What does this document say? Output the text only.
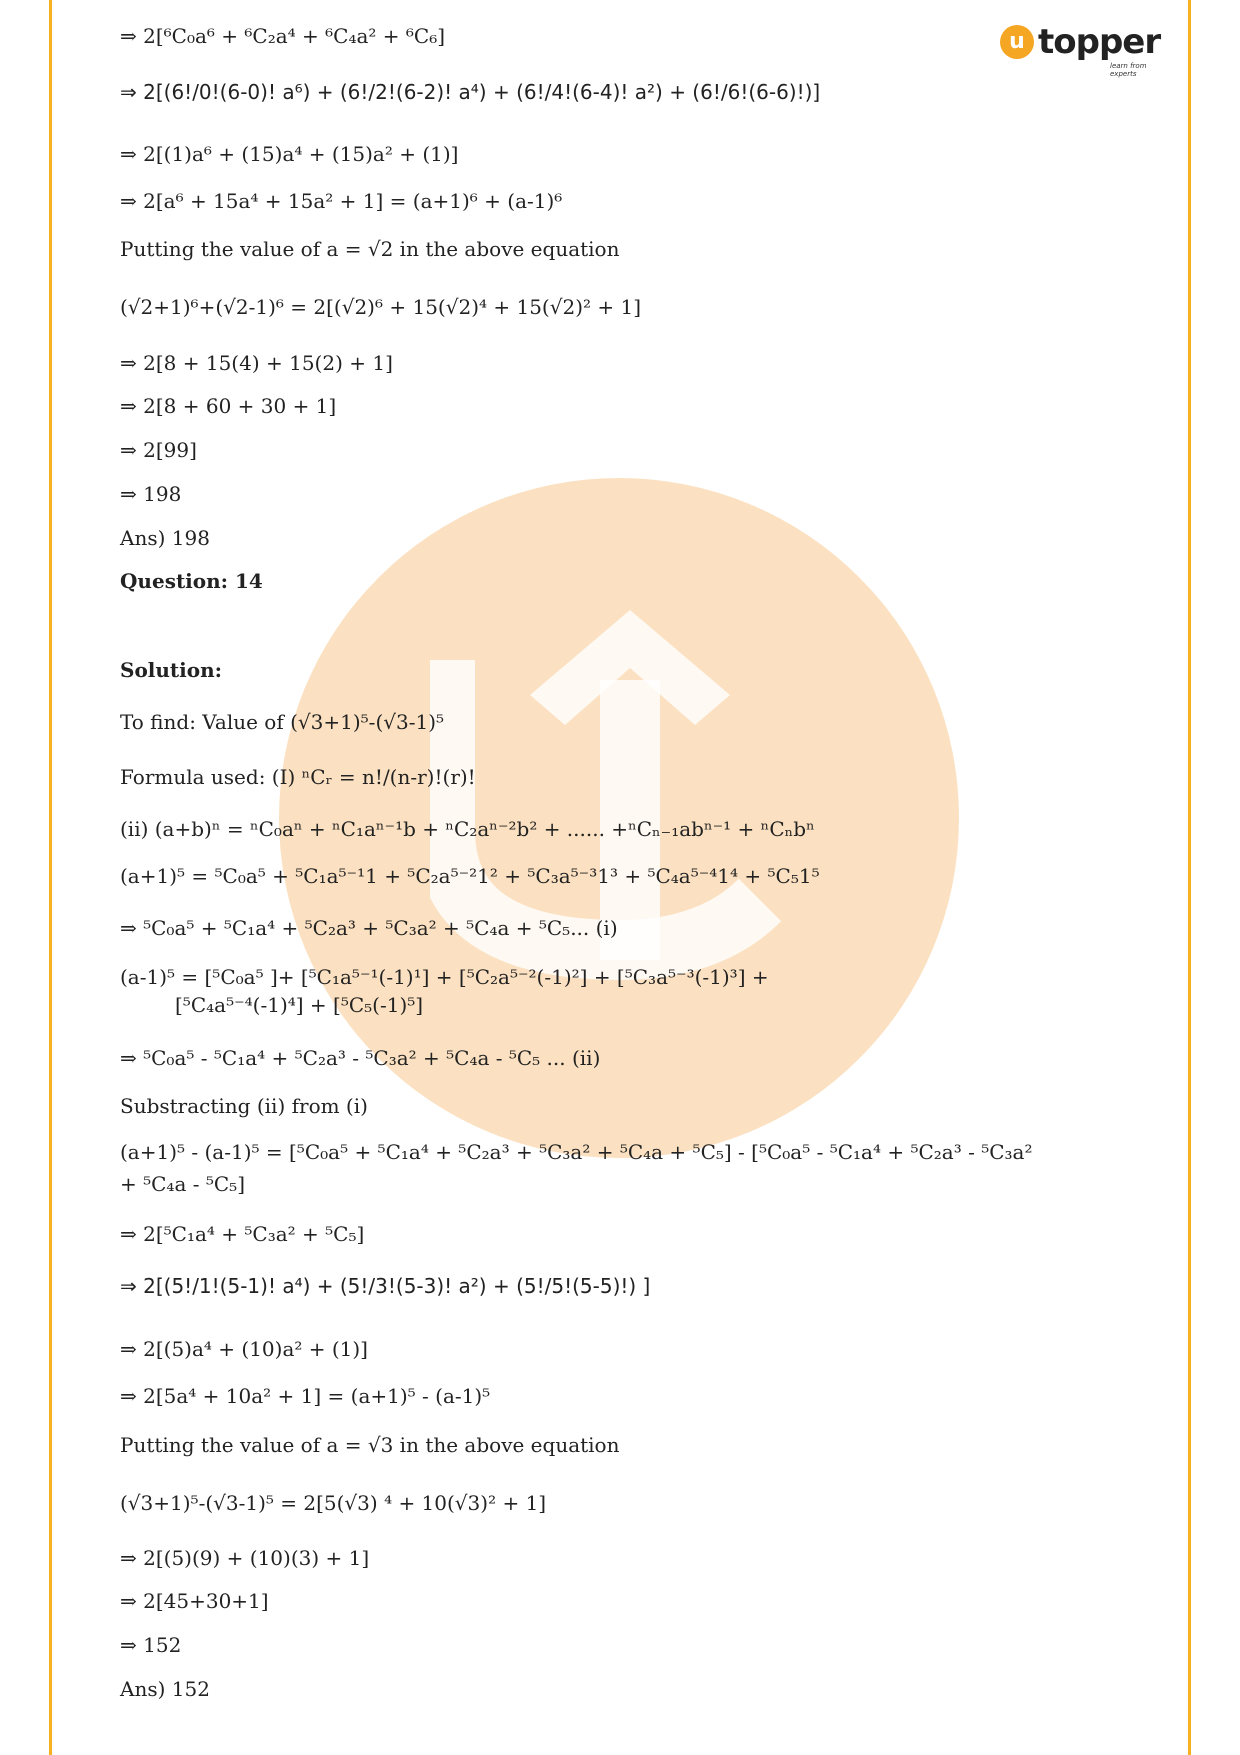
u topper
learn from experts
⇒ 2[⁶C₀a⁶ + ⁶C₂a⁴ + ⁶C₄a² + ⁶C₆]
⇒ 2[(6!/0!(6-0)! a⁶) + (6!/2!(6-2)! a⁴) + (6!/4!(6-4)! a²) + (6!/6!(6-6)!)]
⇒ 2[(1)a⁶ + (15)a⁴ + (15)a² + (1)]
⇒ 2[a⁶ + 15a⁴ + 15a² + 1] = (a+1)⁶ + (a-1)⁶
Putting the value of a = √2 in the above equation
(√2+1)⁶+(√2-1)⁶ = 2[(√2)⁶ + 15(√2)⁴ + 15(√2)² + 1]
⇒ 2[8 + 15(4) + 15(2) + 1]
⇒ 2[8 + 60 + 30 + 1]
⇒ 2[99]
⇒ 198
Ans) 198
Question: 14
Solution:
To find: Value of (√3+1)⁵-(√3-1)⁵
Formula used: (I) ⁿCᵣ = n!/(n-r)!(r)!
(ii) (a+b)ⁿ = ⁿC₀aⁿ + ⁿC₁aⁿ⁻¹b + ⁿC₂aⁿ⁻²b² + ...... +ⁿCₙ₋₁abⁿ⁻¹ + ⁿCₙbⁿ
(a+1)⁵ = ⁵C₀a⁵ + ⁵C₁a⁵⁻¹1 + ⁵C₂a⁵⁻²1² + ⁵C₃a⁵⁻³1³ + ⁵C₄a⁵⁻⁴1⁴ + ⁵C₅1⁵
⇒ ⁵C₀a⁵ + ⁵C₁a⁴ + ⁵C₂a³ + ⁵C₃a² + ⁵C₄a + ⁵C₅... (i)
(a-1)⁵ = [⁵C₀a⁵ ]+ [⁵C₁a⁵⁻¹(-1)¹] + [⁵C₂a⁵⁻²(-1)²] + [⁵C₃a⁵⁻³(-1)³] +
[⁵C₄a⁵⁻⁴(-1)⁴] + [⁵C₅(-1)⁵]
⇒ ⁵C₀a⁵ - ⁵C₁a⁴ + ⁵C₂a³ - ⁵C₃a² + ⁵C₄a - ⁵C₅ ... (ii)
Substracting (ii) from (i)
(a+1)⁵ - (a-1)⁵ = [⁵C₀a⁵ + ⁵C₁a⁴ + ⁵C₂a³ + ⁵C₃a² + ⁵C₄a + ⁵C₅] - [⁵C₀a⁵ - ⁵C₁a⁴ + ⁵C₂a³ - ⁵C₃a²
+ ⁵C₄a - ⁵C₅]
⇒ 2[⁵C₁a⁴ + ⁵C₃a² + ⁵C₅]
⇒ 2[(5!/1!(5-1)! a⁴) + (5!/3!(5-3)! a²) + (5!/5!(5-5)!) ]
⇒ 2[(5)a⁴ + (10)a² + (1)]
⇒ 2[5a⁴ + 10a² + 1] = (a+1)⁵ - (a-1)⁵
Putting the value of a = √3 in the above equation
(√3+1)⁵-(√3-1)⁵ = 2[5(√3) ⁴ + 10(√3)² + 1]
⇒ 2[(5)(9) + (10)(3) + 1]
⇒ 2[45+30+1]
⇒ 152
Ans) 152
